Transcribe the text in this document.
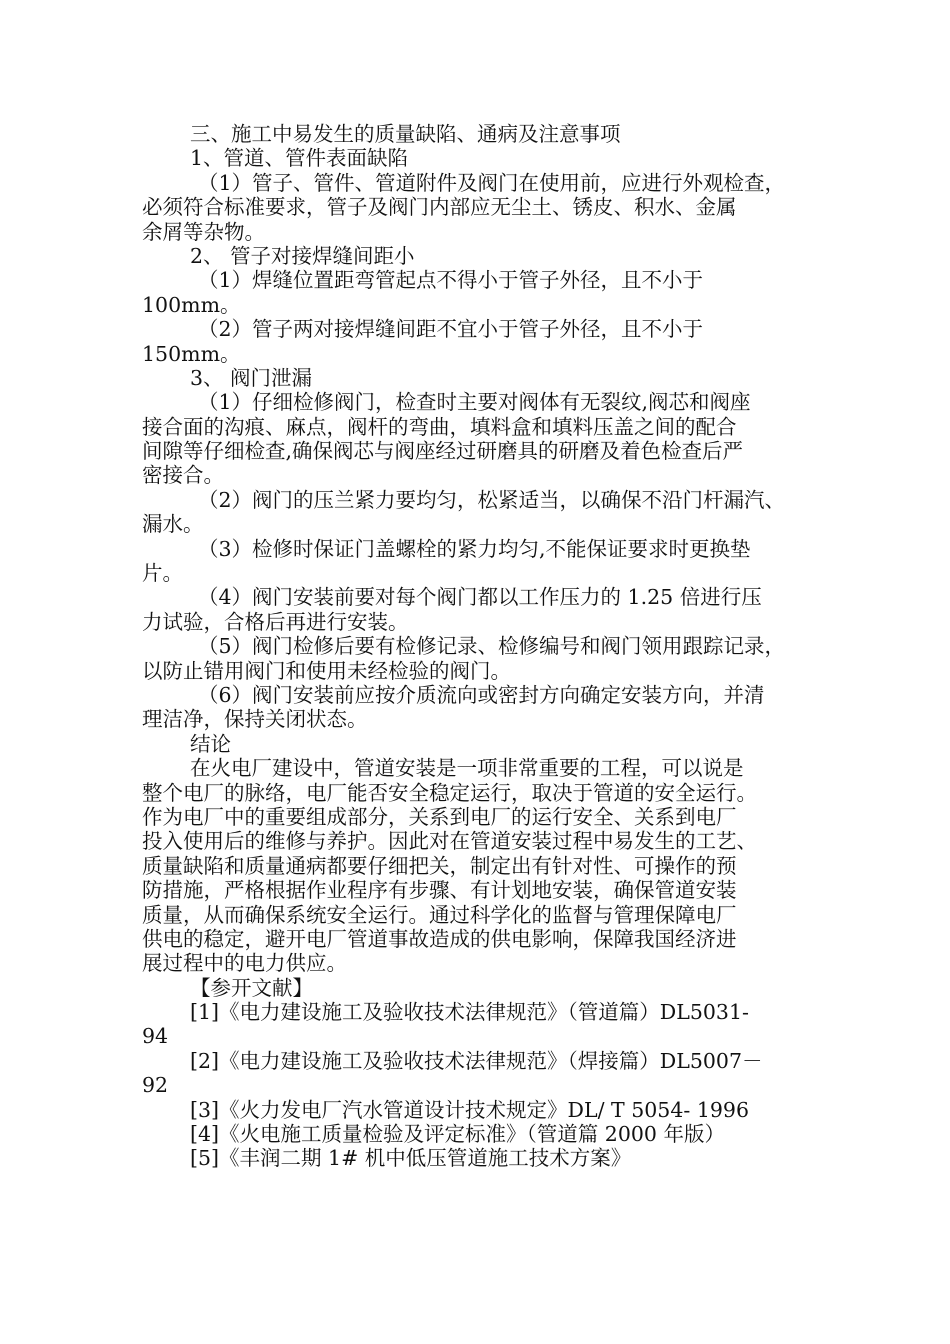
三、施工中易发生的质量缺陷、通病及注意事项
1、管道、管件表面缺陷
（1）管子、管件、管道附件及阀门在使用前，应进行外观检查，
必须符合标准要求，管子及阀门内部应无尘土、锈皮、积水、金属
余屑等杂物。
2、 管子对接焊缝间距小
（1）焊缝位置距弯管起点不得小于管子外径，且不小于
100mm。
（2）管子两对接焊缝间距不宜小于管子外径，且不小于
150mm。
3、 阀门泄漏
（1）仔细检修阀门，检查时主要对阀体有无裂纹,阀芯和阀座
接合面的沟痕、麻点，阀杆的弯曲，填料盒和填料压盖之间的配合
间隙等仔细检查,确保阀芯与阀座经过研磨具的研磨及着色检查后严
密接合。
（2）阀门的压兰紧力要均匀，松紧适当，以确保不沿门杆漏汽、
漏水。
（3）检修时保证门盖螺栓的紧力均匀,不能保证要求时更换垫
片。
（4）阀门安装前要对每个阀门都以工作压力的 1.25 倍进行压
力试验，合格后再进行安装。
（5）阀门检修后要有检修记录、检修编号和阀门领用跟踪记录，
以防止错用阀门和使用未经检验的阀门。
（6）阀门安装前应按介质流向或密封方向确定安装方向，并清
理洁净，保持关闭状态。
结论
在火电厂建设中，管道安装是一项非常重要的工程，可以说是
整个电厂的脉络，电厂能否安全稳定运行，取决于管道的安全运行。
作为电厂中的重要组成部分，关系到电厂的运行安全、关系到电厂
投入使用后的维修与养护。因此对在管道安装过程中易发生的工艺、
质量缺陷和质量通病都要仔细把关，制定出有针对性、可操作的预
防措施，严格根据作业程序有步骤、有计划地安装，确保管道安装
质量，从而确保系统安全运行。通过科学化的监督与管理保障电厂
供电的稳定，避开电厂管道事故造成的供电影响，保障我国经济进
展过程中的电力供应。
【参开文献】
[1]《电力建设施工及验收技术法律规范》（管道篇）DL5031-
94
[2]《电力建设施工及验收技术法律规范》（焊接篇）DL5007－
92
[3]《火力发电厂汽水管道设计技术规定》DL/ T 5054- 1996
[4]《火电施工质量检验及评定标准》（管道篇 2000 年版）
[5]《丰润二期 1# 机中低压管道施工技术方案》
